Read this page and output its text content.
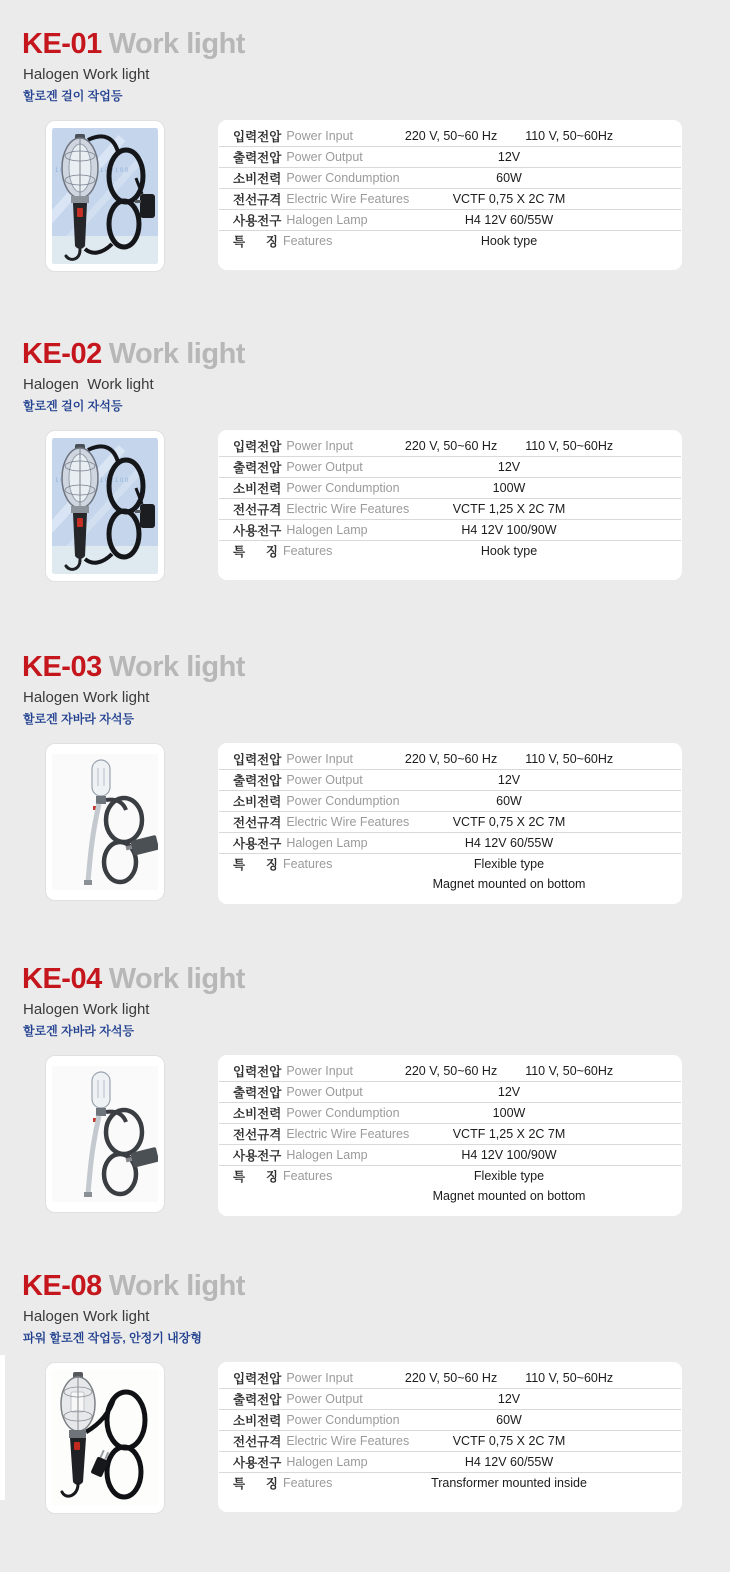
KE-01 Work light
Halogen Work light
할로겐 걸이 작업등
입력전압 Power Input	220 V, 50~60 Hz 110 V, 50~60Hz
출력전압 Power Output	12V
소비전력 Power Condumption	60W
전선규격 Electric Wire Features	VCTF 0,75 X 2C 7M
사용전구 Halogen Lamp	H4 12V 60/55W
특      징 Features	Hook type
KE-02 Work light
Halogen  Work light
할로겐 걸이 자석등
입력전압 Power Input	220 V, 50~60 Hz 110 V, 50~60Hz
출력전압 Power Output	12V
소비전력 Power Condumption	100W
전선규격 Electric Wire Features	VCTF 1,25 X 2C 7M
사용전구 Halogen Lamp	H4 12V 100/90W
특      징 Features	Hook type
KE-03 Work light
Halogen Work light
할로겐 자바라 자석등
입력전압 Power Input	220 V, 50~60 Hz 110 V, 50~60Hz
출력전압 Power Output	12V
소비전력 Power Condumption	60W
전선규격 Electric Wire Features	VCTF 0,75 X 2C 7M
사용전구 Halogen Lamp	H4 12V 60/55W
특      징 Features	Flexible type
Magnet mounted on bottom
KE-04 Work light
Halogen Work light
할로겐 자바라 자석등
입력전압 Power Input	220 V, 50~60 Hz 110 V, 50~60Hz
출력전압 Power Output	12V
소비전력 Power Condumption	100W
전선규격 Electric Wire Features	VCTF 1,25 X 2C 7M
사용전구 Halogen Lamp	H4 12V 100/90W
특      징 Features	Flexible type
Magnet mounted on bottom
KE-08 Work light
Halogen Work light
파워 할로겐 작업등, 안정기 내장형
입력전압 Power Input	220 V, 50~60 Hz 110 V, 50~60Hz
출력전압 Power Output	12V
소비전력 Power Condumption	60W
전선규격 Electric Wire Features	VCTF 0,75 X 2C 7M
사용전구 Halogen Lamp	H4 12V 60/55W
특      징 Features	Transformer mounted inside
